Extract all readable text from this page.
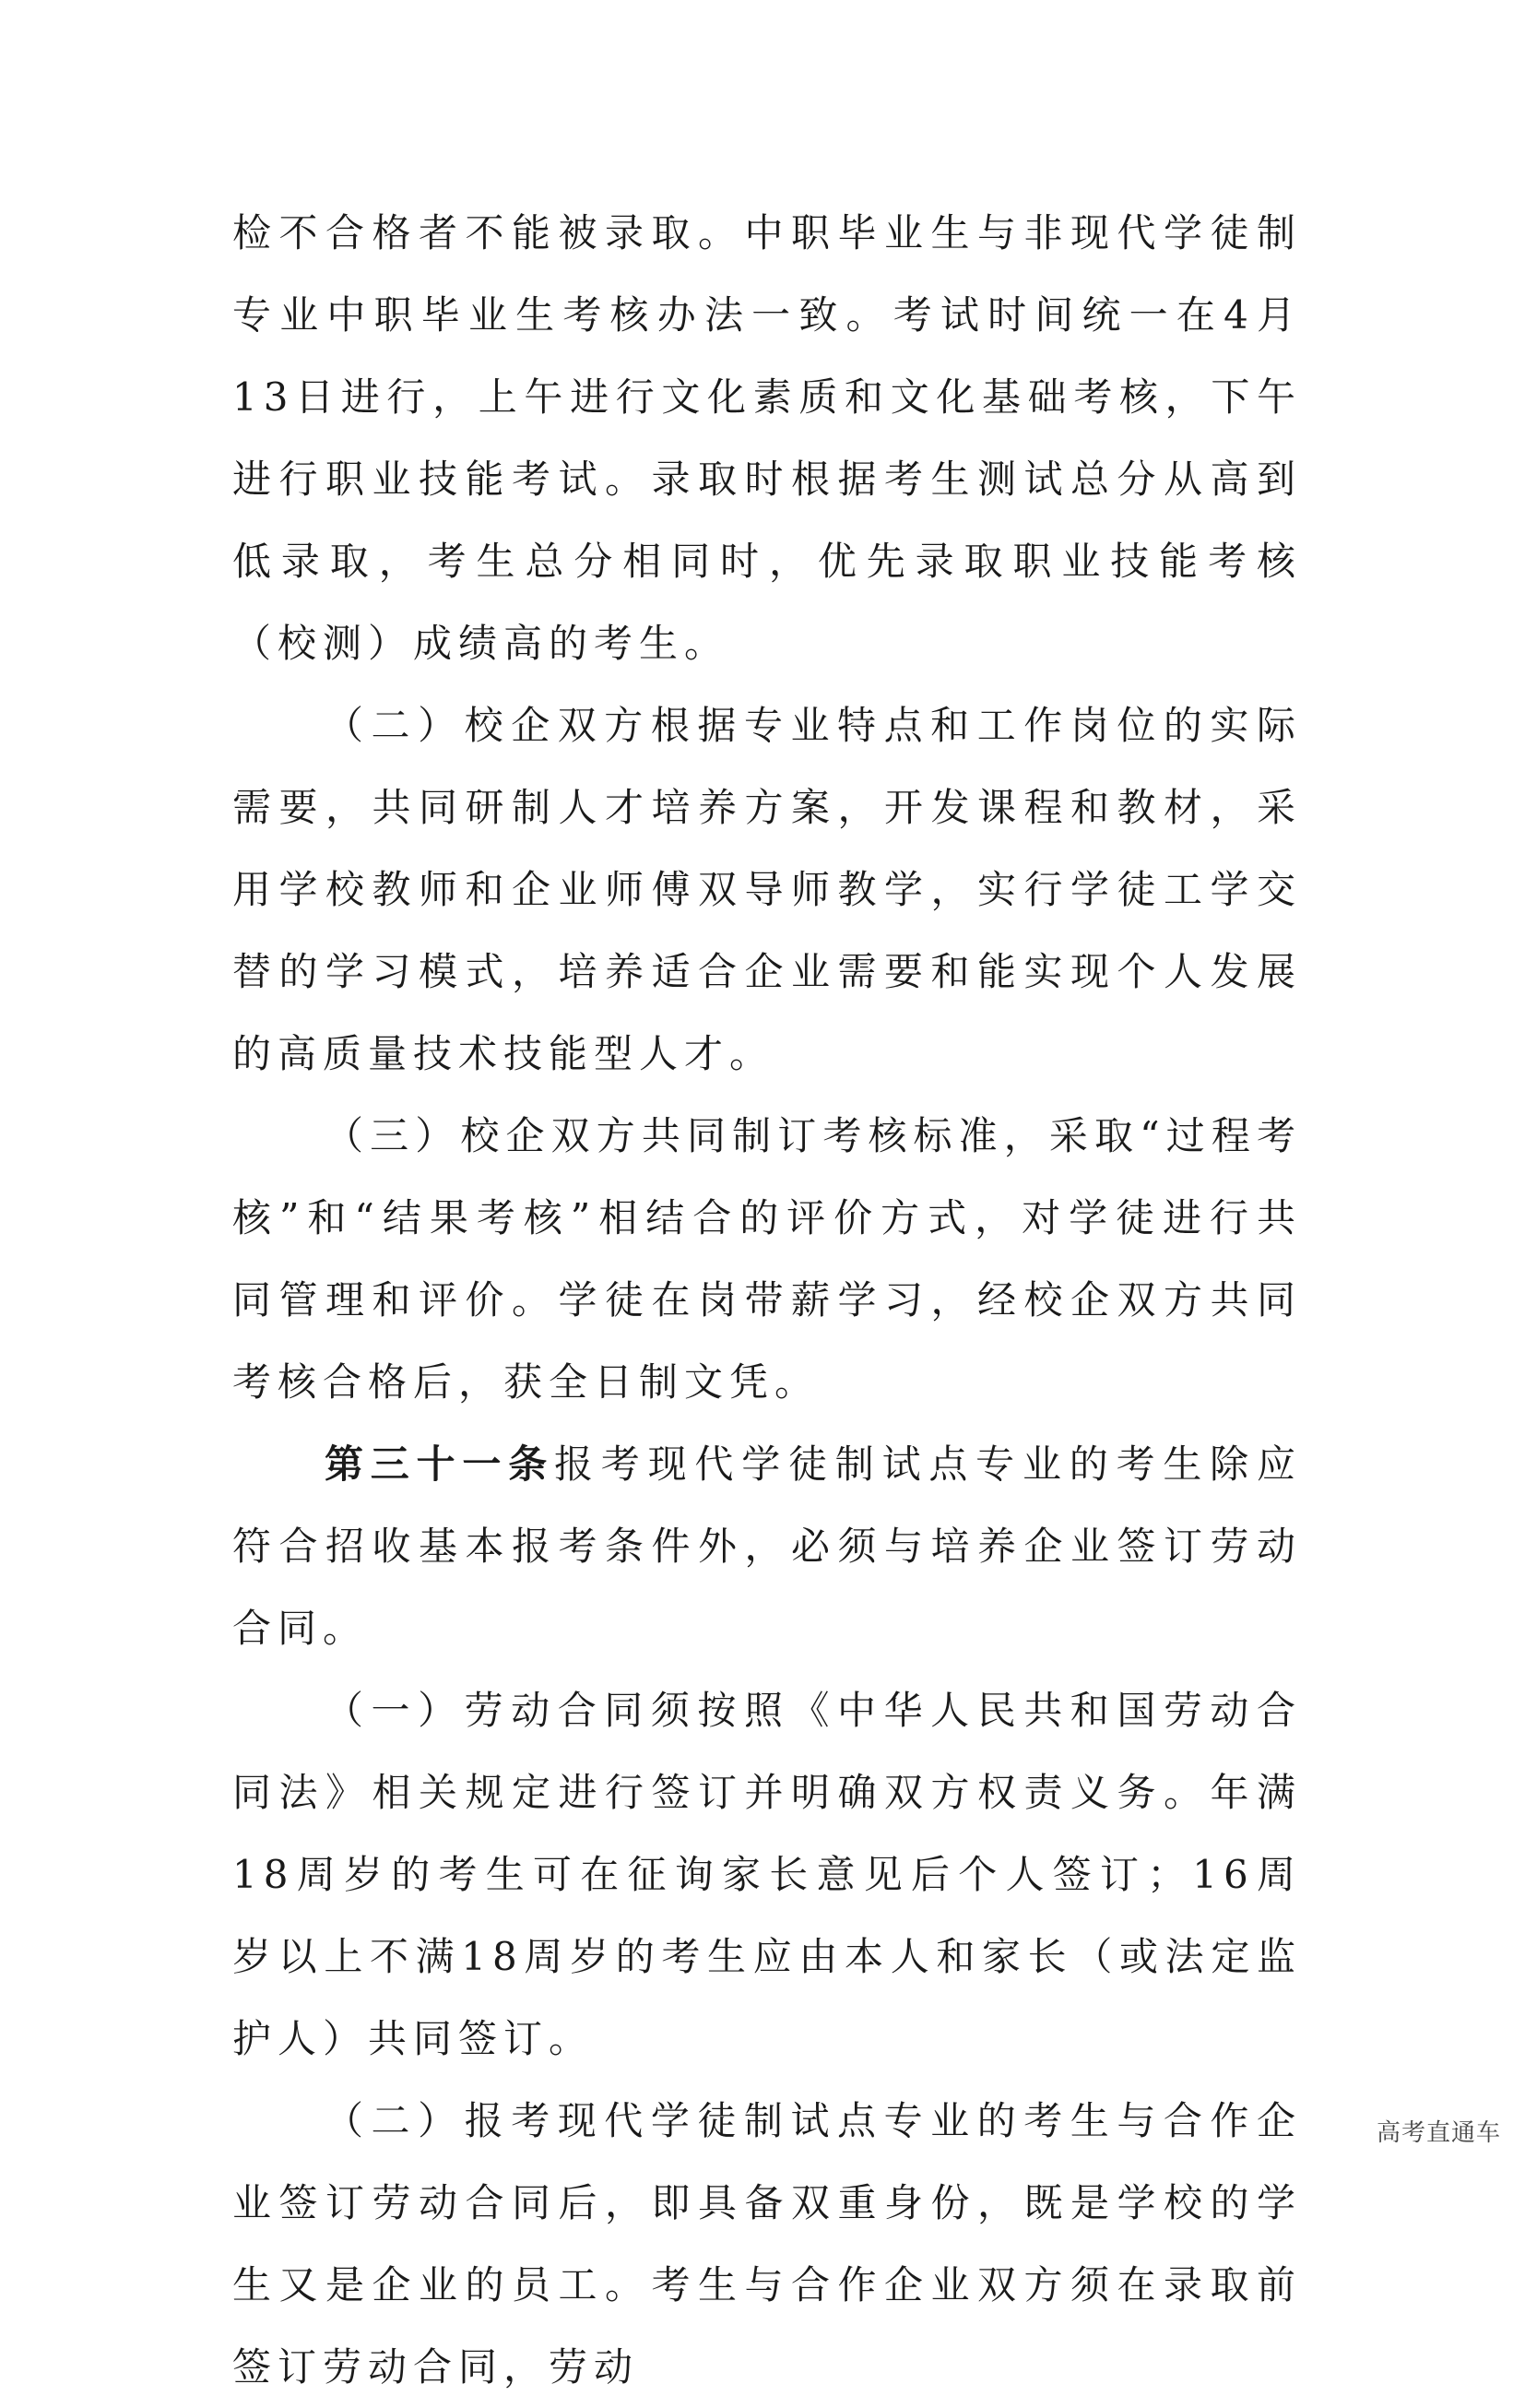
检不合格者不能被录取。中职毕业生与非现代学徒制专业中职毕业生考核办法一致。考试时间统一在4月13日进行，上午进行文化素质和文化基础考核，下午进行职业技能考试。录取时根据考生测试总分从高到低录取，考生总分相同时，优先录取职业技能考核（校测）成绩高的考生。

（二）校企双方根据专业特点和工作岗位的实际需要，共同研制人才培养方案，开发课程和教材，采用学校教师和企业师傅双导师教学，实行学徒工学交替的学习模式，培养适合企业需要和能实现个人发展的高质量技术技能型人才。

（三）校企双方共同制订考核标准，采取“过程考核”和“结果考核”相结合的评价方式，对学徒进行共同管理和评价。学徒在岗带薪学习，经校企双方共同考核合格后，获全日制文凭。

第三十一条报考现代学徒制试点专业的考生除应符合招收基本报考条件外，必须与培养企业签订劳动合同。

（一）劳动合同须按照《中华人民共和国劳动合同法》相关规定进行签订并明确双方权责义务。年满18周岁的考生可在征询家长意见后个人签订；16周岁以上不满18周岁的考生应由本人和家长（或法定监护人）共同签订。

（二）报考现代学徒制试点专业的考生与合作企业签订劳动合同后，即具备双重身份，既是学校的学生又是企业的员工。考生与合作企业双方须在录取前签订劳动合同，劳动

高考直通车
